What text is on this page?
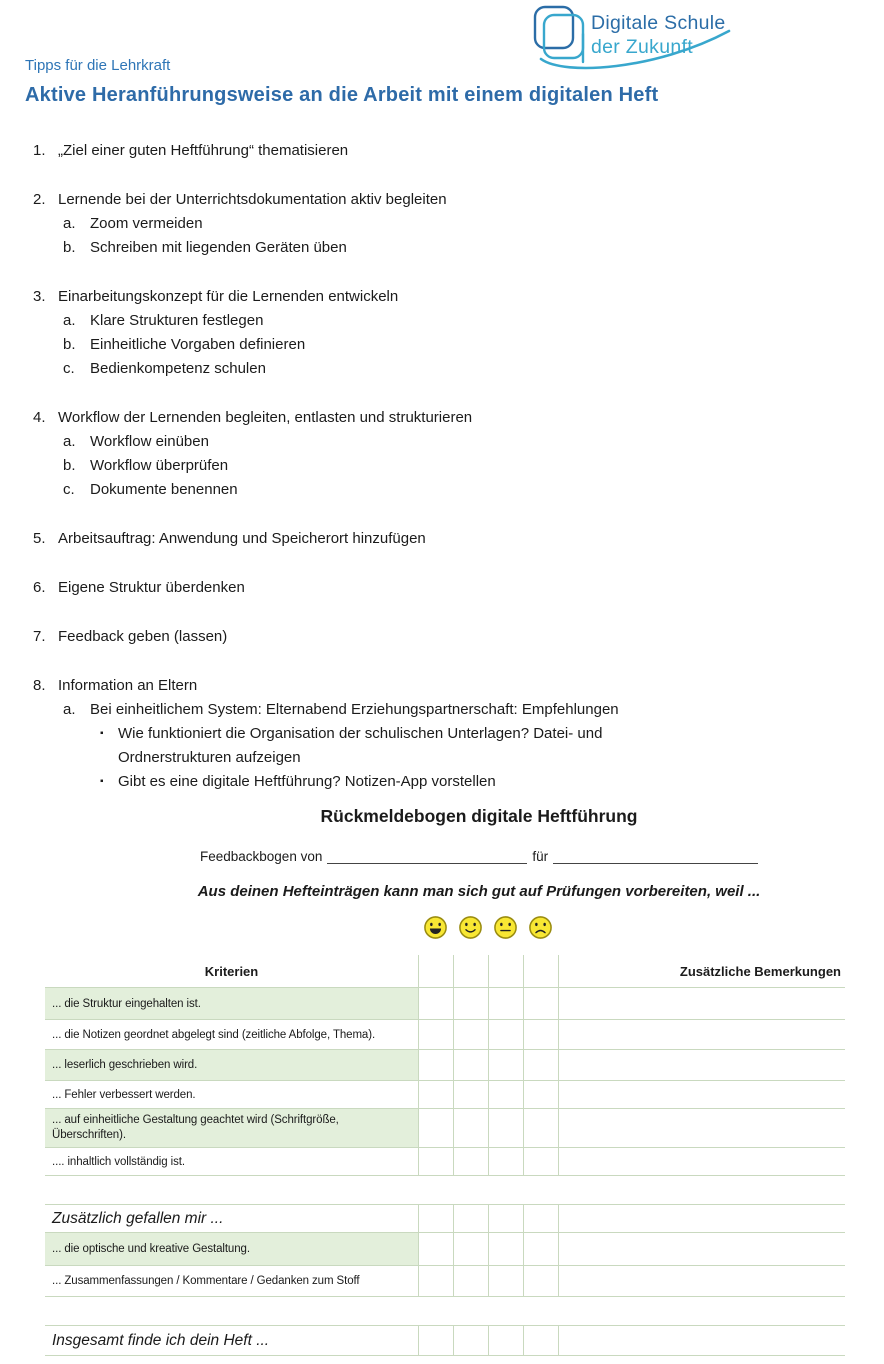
Digitale Schule
der Zukunft
Tipps für die Lehrkraft
Aktive Heranführungsweise an die Arbeit mit einem digitalen Heft
1. „Ziel einer guten Heftführung“ thematisieren
2. Lernende bei der Unterrichtsdokumentation aktiv begleiten
a. Zoom vermeiden
b. Schreiben mit liegenden Geräten üben
3. Einarbeitungskonzept für die Lernenden entwickeln
a. Klare Strukturen festlegen
b. Einheitliche Vorgaben definieren
c.	Bedienkompetenz schulen
4. Workflow der Lernenden begleiten, entlasten und strukturieren
a. Workflow einüben
b. Workflow überprüfen
c.	Dokumente benennen
5. Arbeitsauftrag: Anwendung und Speicherort hinzufügen
6. Eigene Struktur überdenken
7. Feedback geben (lassen)
8. Information an Eltern
a. Bei einheitlichem System: Elternabend Erziehungspartnerschaft: Empfehlungen
▪ Wie funktioniert die Organisation der schulischen Unterlagen? Datei- und Ordnerstrukturen aufzeigen
▪ Gibt es eine digitale Heftführung? Notizen-App vorstellen
Rückmeldebogen digitale Heftführung
Feedbackbogen von	für
Aus deinen Hefteinträgen kann man sich gut auf Prüfungen vorbereiten, weil ...
Kriterien	Zusätzliche Bemerkungen
... die Struktur eingehalten ist.
... die Notizen geordnet abgelegt sind (zeitliche Abfolge, Thema).
... leserlich geschrieben wird.
... Fehler verbessert werden.
... auf einheitliche Gestaltung geachtet wird (Schriftgröße, Überschriften).
.... inhaltlich vollständig ist.
Zusätzlich gefallen mir ...
... die optische und kreative Gestaltung.
... Zusammenfassungen / Kommentare / Gedanken zum Stoff
Insgesamt finde ich dein Heft ...
